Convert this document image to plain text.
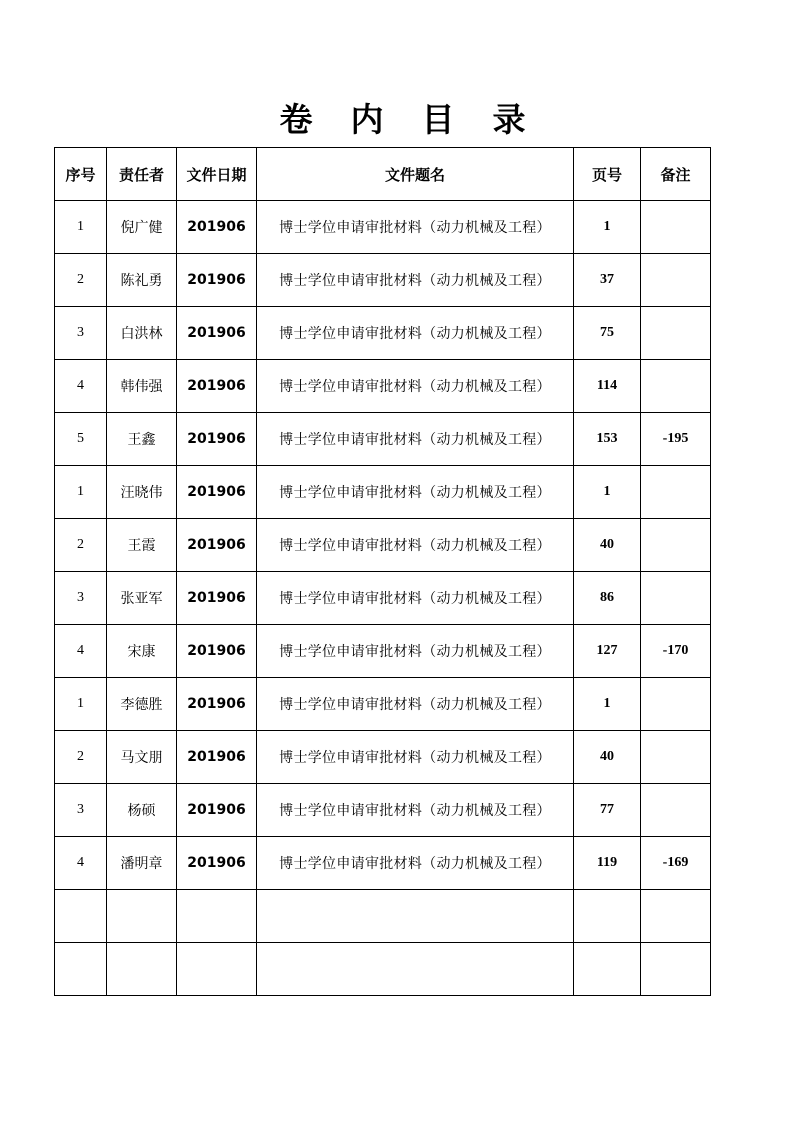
卷内目录
序号	责任者	文件日期	文件题名	页号	备注
1	倪广健	201906	博士学位申请审批材料（动力机械及工程）	1	
2	陈礼勇	201906	博士学位申请审批材料（动力机械及工程）	37	
3	白洪林	201906	博士学位申请审批材料（动力机械及工程）	75	
4	韩伟强	201906	博士学位申请审批材料（动力机械及工程）	114	
5	王鑫	201906	博士学位申请审批材料（动力机械及工程）	153	-195
1	汪晓伟	201906	博士学位申请审批材料（动力机械及工程）	1	
2	王霞	201906	博士学位申请审批材料（动力机械及工程）	40	
3	张亚军	201906	博士学位申请审批材料（动力机械及工程）	86	
4	宋康	201906	博士学位申请审批材料（动力机械及工程）	127	-170
1	李德胜	201906	博士学位申请审批材料（动力机械及工程）	1	
2	马文朋	201906	博士学位申请审批材料（动力机械及工程）	40	
3	杨硕	201906	博士学位申请审批材料（动力机械及工程）	77	
4	潘明章	201906	博士学位申请审批材料（动力机械及工程）	119	-169
